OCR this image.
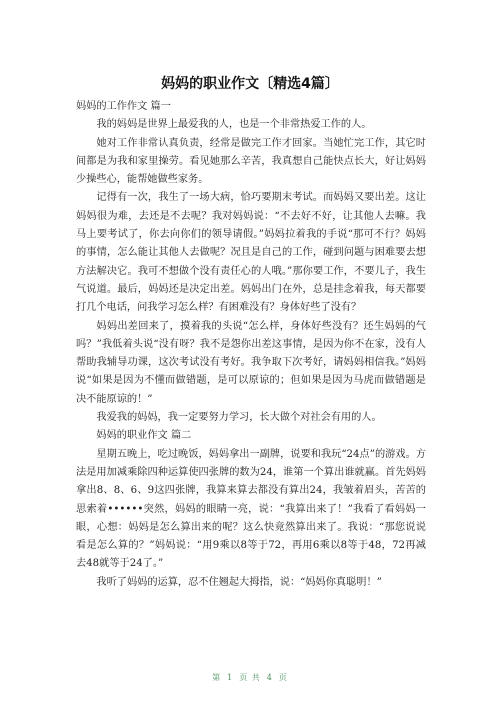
妈妈的职业作文〔精选4篇〕

妈妈的工作作文 篇一

我的妈妈是世界上最爱我的人，也是一个非常热爱工作的人。

她对工作非常认真负责，经常是做完工作才回家。当她忙完工作，其它时间都是为我和家里操劳。看见她那么辛苦，我真想自己能快点长大，好让妈妈少操些心，能帮她做些家务。

记得有一次，我生了一场大病，恰巧要期末考试。而妈妈又要出差。这让妈妈很为难，去还是不去呢？我对妈妈说：“不去好不好，让其他人去嘛。我马上要考试了，你去向你们的领导请假。”妈妈拉着我的手说“那可不行？妈妈的事情，怎么能让其他人去做呢？况且是自己的工作，碰到问题与困难要去想方法解决它。我可不想做个没有责任心的人哦。”那你要工作，不要儿子，我生气说道。最后，妈妈还是决定出差。妈妈出门在外，总是挂念着我，每天都要打几个电话，问我学习怎么样？有困难没有？身体好些了没有？

妈妈出差回来了，摸着我的头说“怎么样，身体好些没有？还生妈妈的气吗？”我低着头说“没有呀？我不是怨你出差这事情，是因为你不在家，没有人帮助我辅导功课，这次考试没有考好。我争取下次考好，请妈妈相信我。”妈妈说“如果是因为不懂而做错题，是可以原谅的；但如果是因为马虎而做错题是决不能原谅的！”

我爱我的妈妈，我一定要努力学习，长大做个对社会有用的人。

妈妈的职业作文 篇二

星期五晚上，吃过晚饭，妈妈拿出一副牌，说要和我玩“24点”的游戏。方法是用加减乘除四种运算使四张牌的数为24，谁第一个算出谁就赢。首先妈妈拿出8、8、6、9这四张牌，我算来算去都没有算出24，我皱着眉头，苦苦的思索着••••••突然，妈妈的眼睛一亮，说：“我算出来了！”我看了看妈妈一眼，心想：妈妈是怎么算出来的呢？这么快竟然算出来了。我说：“那您说说看是怎么算的？”妈妈说：“用9乘以8等于72，再用6乘以8等于48，72再减去48就等于24了。”

我听了妈妈的运算，忍不住翘起大拇指，说：“妈妈你真聪明！”

第 1 页 共 4 页
